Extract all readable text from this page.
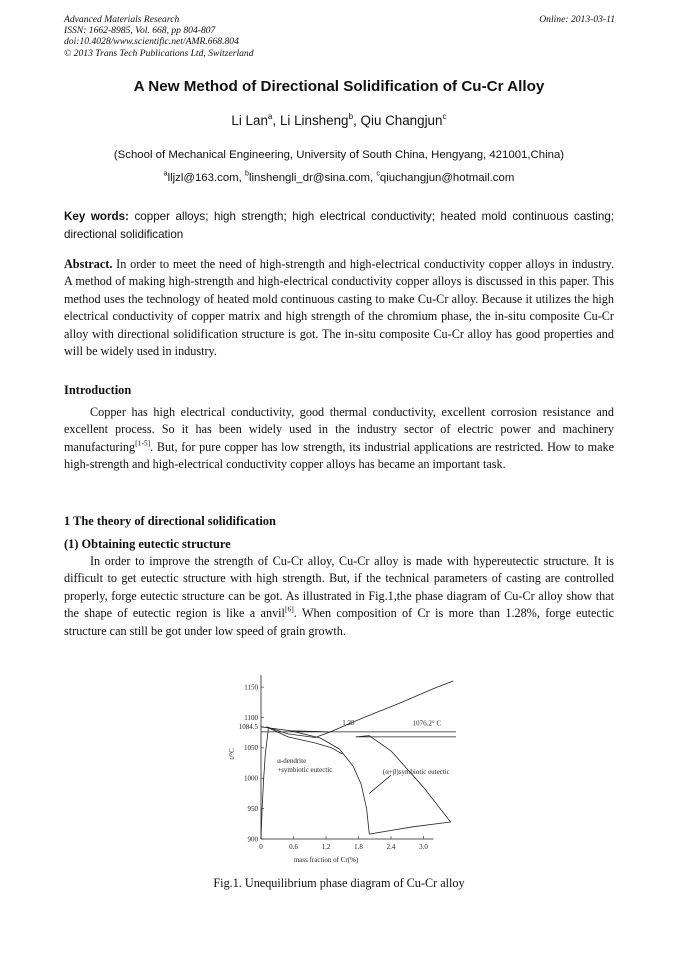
Advanced Materials Research
ISSN: 1662-8985, Vol. 668, pp 804-807
doi:10.4028/www.scientific.net/AMR.668.804
© 2013 Trans Tech Publications Ltd, Switzerland
Online: 2013-03-11
A New Method of Directional Solidification of Cu-Cr Alloy
Li Lan$^a$, Li Linsheng$^b$, Qiu Changjun$^c$
(School of Mechanical Engineering, University of South China, Hengyang, 421001,China)
$^a$lljzl@163.com, $^b$linshengli_dr@sina.com, $^c$qiuchangjun@hotmail.com
Key words: copper alloys; high strength; high electrical conductivity; heated mold continuous casting; directional solidification
Abstract. In order to meet the need of high-strength and high-electrical conductivity copper alloys in industry. A method of making high-strength and high-electrical conductivity copper alloys is discussed in this paper. This method uses the technology of heated mold continuous casting to make Cu-Cr alloy. Because it utilizes the high electrical conductivity of copper matrix and high strength of the chromium phase, the in-situ composite Cu-Cr alloy with directional solidification structure is got. The in-situ composite Cu-Cr alloy has good properties and will be widely used in industry.
Introduction
Copper has high electrical conductivity, good thermal conductivity, excellent corrosion resistance and excellent process. So it has been widely used in the industry sector of electric power and machinery manufacturing[1-5]. But, for pure copper has low strength, its industrial applications are restricted. How to make high-strength and high-electrical conductivity copper alloys has became an important task.
1 The theory of directional solidification
(1) Obtaining eutectic structure
In order to improve the strength of Cu-Cr alloy, Cu-Cr alloy is made with hypereutectic structure. It is difficult to get eutectic structure with high strength. But, if the technical parameters of casting are controlled properly, forge eutectic structure can be got. As illustrated in Fig.1,the phase diagram of Cu-Cr alloy show that the shape of eutectic region is like a anvil[6]. When composition of Cr is more than 1.28%, forge eutectic structure can still be got under low speed of grain growth.
900
950
1000
1050
1084.5
1100
1150
0	0.6	1.2	1.8	2.4	3.0
mass fraction of Cr(%)
t/°C
1.28	1076.2° C
α-dendrite
+symbiotic eutectic	(α+β)symbiotic eutectic
Fig.1. Unequilibrium phase diagram of Cu-Cr alloy
